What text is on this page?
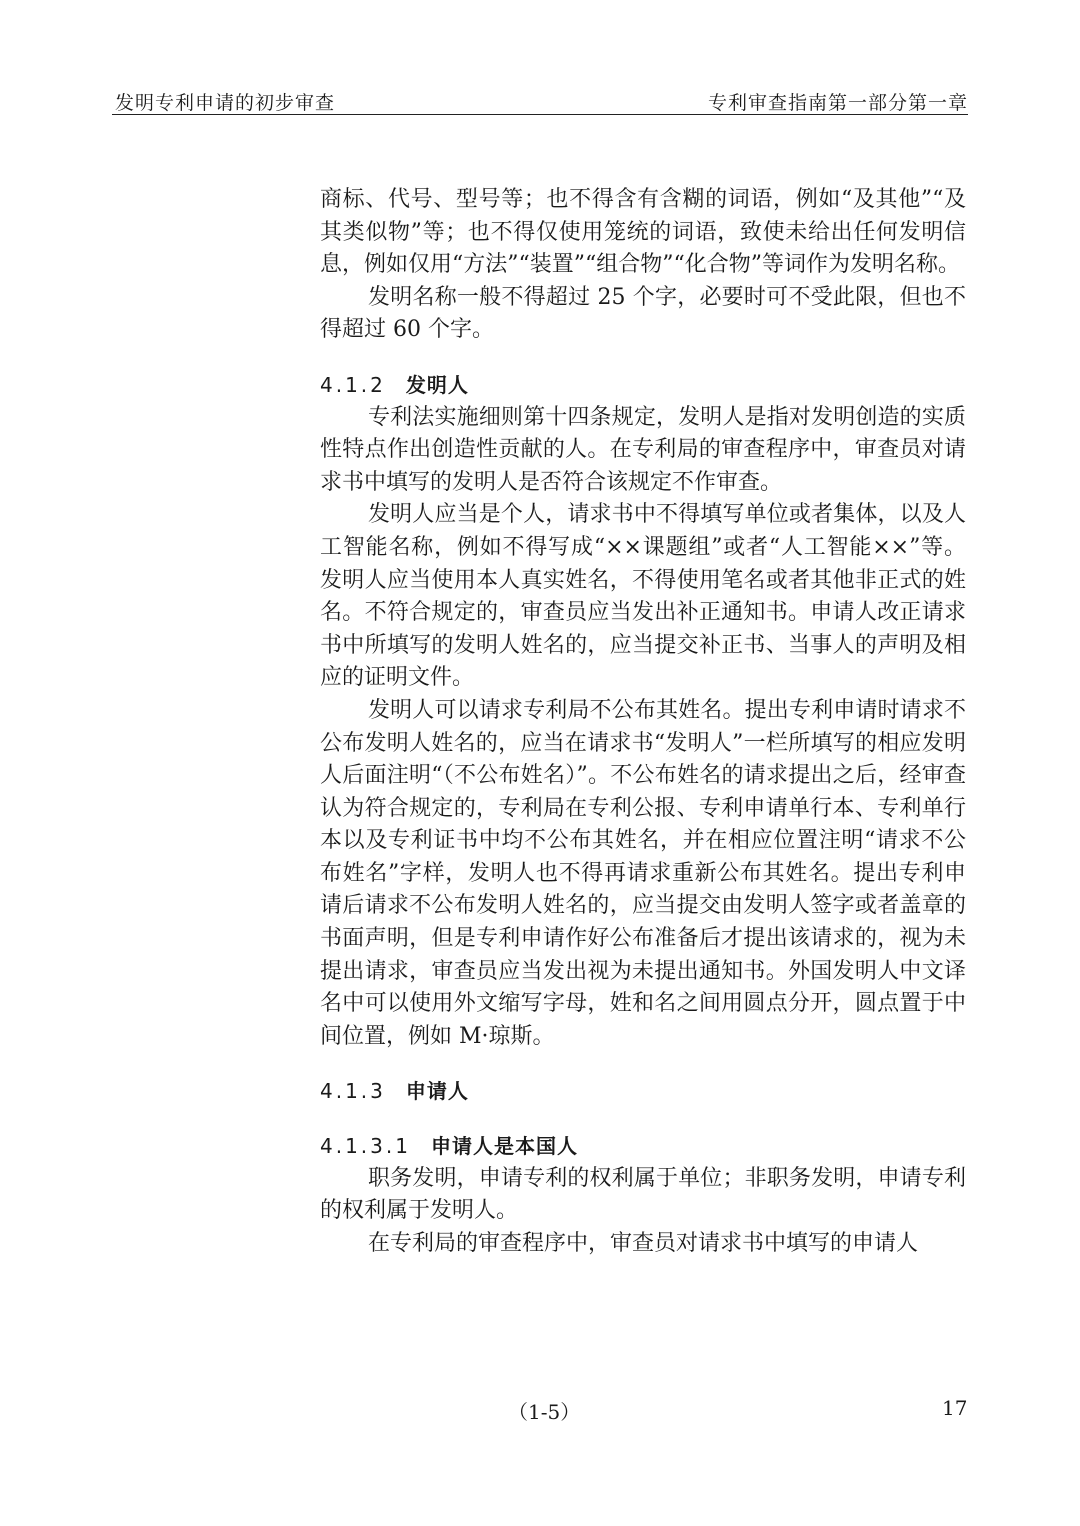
发明专利申请的初步审查	专利审查指南第一部分第一章

商标、代号、型号等；也不得含有含糊的词语，例如“及其他”“及其类似物”等；也不得仅使用笼统的词语，致使未给出任何发明信息，例如仅用“方法”“装置”“组合物”“化合物”等词作为发明名称。

发明名称一般不得超过 25 个字，必要时可不受此限，但也不得超过 60 个字。

4.1.2 发明人

专利法实施细则第十四条规定，发明人是指对发明创造的实质性特点作出创造性贡献的人。在专利局的审查程序中，审查员对请求书中填写的发明人是否符合该规定不作审查。

发明人应当是个人，请求书中不得填写单位或者集体，以及人工智能名称，例如不得写成“××课题组”或者“人工智能××”等。发明人应当使用本人真实姓名，不得使用笔名或者其他非正式的姓名。不符合规定的，审查员应当发出补正通知书。申请人改正请求书中所填写的发明人姓名的，应当提交补正书、当事人的声明及相应的证明文件。

发明人可以请求专利局不公布其姓名。提出专利申请时请求不公布发明人姓名的，应当在请求书“发明人”一栏所填写的相应发明人后面注明“（不公布姓名）”。不公布姓名的请求提出之后，经审查认为符合规定的，专利局在专利公报、专利申请单行本、专利单行本以及专利证书中均不公布其姓名，并在相应位置注明“请求不公布姓名”字样，发明人也不得再请求重新公布其姓名。提出专利申请后请求不公布发明人姓名的，应当提交由发明人签字或者盖章的书面声明，但是专利申请作好公布准备后才提出该请求的，视为未提出请求，审查员应当发出视为未提出通知书。外国发明人中文译名中可以使用外文缩写字母，姓和名之间用圆点分开，圆点置于中间位置，例如 M·琼斯。

4.1.3 申请人
4.1.3.1 申请人是本国人

职务发明，申请专利的权利属于单位；非职务发明，申请专利的权利属于发明人。

在专利局的审查程序中，审查员对请求书中填写的申请人

（1-5）	17
